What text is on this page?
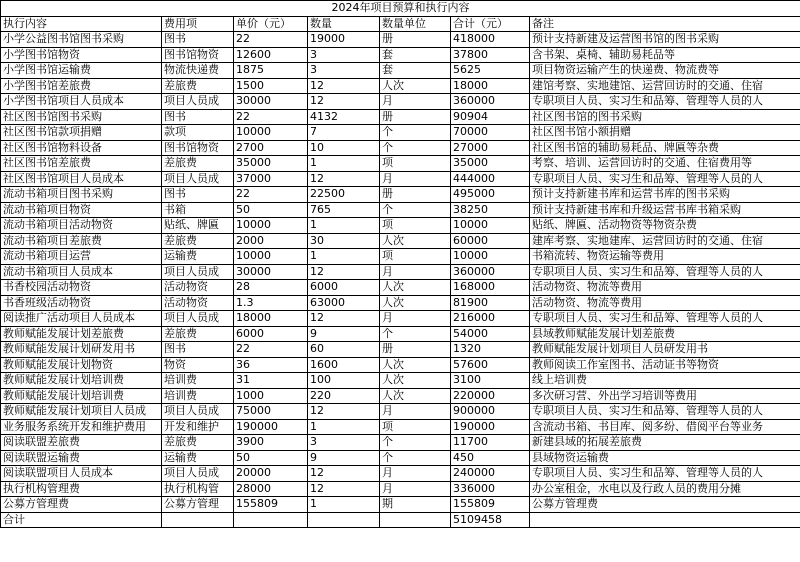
2024年项目预算和执行内容						
执行内容	费用项	单价（元）	数量	数量单位	合计（元）	备注
小学公益图书馆图书采购	图书	22	19000	册	418000	预计支持新建及运营图书馆的图书采购
小学图书馆物资	图书馆物资	12600	3	套	37800	含书架、桌椅、辅助易耗品等
小学图书馆运输费	物流快递费	1875	3	套	5625	项目物资运输产生的快递费、物流费等
小学图书馆差旅费	差旅费	1500	12	人次	18000	建馆考察、实地建馆、运营回访时的交通、住宿
小学图书馆项目人员成本	项目人员成	30000	12	月	360000	专职项目人员、实习生和品筹、管理等人员的人
社区图书馆图书采购	图书	22	4132	册	90904	社区图书馆的图书采购
社区图书馆款项捐赠	款项	10000	7	个	70000	社区图书馆小额捐赠
社区图书馆物料设备	图书馆物资	2700	10	个	27000	社区图书馆的辅助易耗品、牌匾等杂费
社区图书馆差旅费	差旅费	35000	1	项	35000	考察、培训、运营回访时的交通、住宿费用等
社区图书馆项目人员成本	项目人员成	37000	12	月	444000	专职项目人员、实习生和品筹、管理等人员的人
流动书箱项目图书采购	图书	22	22500	册	495000	预计支持新建书库和运营书库的图书采购
流动书箱项目物资	书箱	50	765	个	38250	预计支持新建书库和升级运营书库书箱采购
流动书箱项目活动物资	贴纸、牌匾	10000	1	项	10000	贴纸、牌匾、活动物资等物资杂费
流动书箱项目差旅费	差旅费	2000	30	人次	60000	建库考察、实地建库、运营回访时的交通、住宿
流动书箱项目运营	运输费	10000	1	项	10000	书箱流转、物资运输等费用
流动书箱项目人员成本	项目人员成	30000	12	月	360000	专职项目人员、实习生和品筹、管理等人员的人
书香校园活动物资	活动物资	28	6000	人次	168000	活动物资、物流等费用
书香班级活动物资	活动物资	1.3	63000	人次	81900	活动物资、物流等费用
阅读推广活动项目人员成本	项目人员成	18000	12	月	216000	专职项目人员、实习生和品筹、管理等人员的人
教师赋能发展计划差旅费	差旅费	6000	9	个	54000	县域教师赋能发展计划差旅费
教师赋能发展计划研发用书	图书	22	60	册	1320	教师赋能发展计划项目人员研发用书
教师赋能发展计划物资	物资	36	1600	人次	57600	教师阅读工作室图书、活动证书等物资
教师赋能发展计划培训费	培训费	31	100	人次	3100	线上培训费
教师赋能发展计划培训费	培训费	1000	220	人次	220000	多次研习营、外出学习培训等费用
教师赋能发展计划项目人员成	项目人员成	75000	12	月	900000	专职项目人员、实习生和品筹、管理等人员的人
业务服务系统开发和维护费用	开发和维护	190000	1	项	190000	含流动书箱、书目库、阅多纷、借阅平台等业务
阅读联盟差旅费	差旅费	3900	3	个	11700	新建县域的拓展差旅费
阅读联盟运输费	运输费	50	9	个	450	县域物资运输费
阅读联盟项目人员成本	项目人员成	20000	12	月	240000	专职项目人员、实习生和品筹、管理等人员的人
执行机构管理费	执行机构管	28000	12	月	336000	办公室租金，水电以及行政人员的费用分摊
公募方管理费	公募方管理	155809	1	期	155809	公募方管理费
合计					5109458	
